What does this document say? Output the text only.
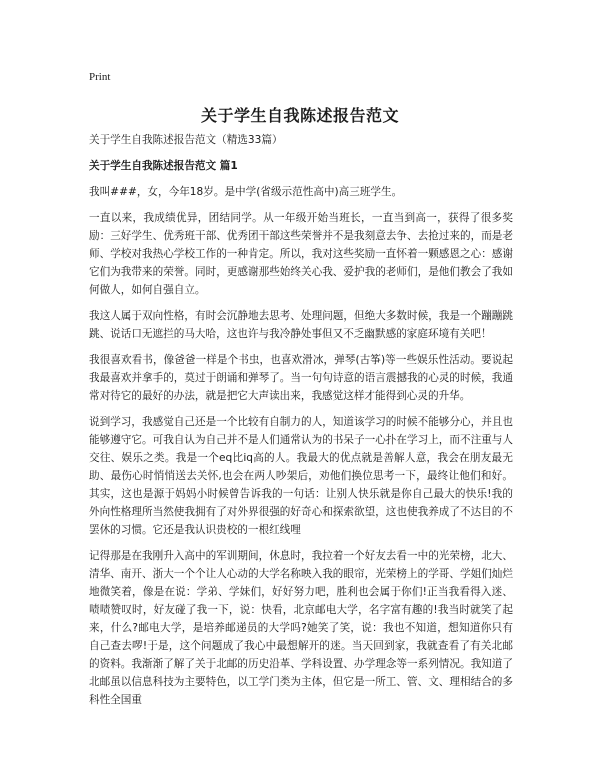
Print
关于学生自我陈述报告范文

关于学生自我陈述报告范文（精选33篇）

关于学生自我陈述报告范文 篇1

我叫###，女，今年18岁。是中学(省级示范性高中)高三班学生。

一直以来，我成绩优异，团结同学。从一年级开始当班长，一直当到高一，获得了很多奖励：三好学生、优秀班干部、优秀团干部这些荣誉并不是我刻意去争、去抢过来的，而是老师、学校对我热心学校工作的一种肯定。所以，我对这些奖励一直怀着一颗感恩之心：感谢它们为我带来的荣誉。同时，更感谢那些始终关心我、爱护我的老师们，是他们教会了我如何做人，如何自强自立。

我这人属于双向性格，有时会沉静地去思考、处理问题，但绝大多数时候，我是一个蹦蹦跳跳、说话口无遮拦的马大哈，这也许与我冷静处事但又不乏幽默感的家庭环境有关吧！

我很喜欢看书，像爸爸一样是个书虫，也喜欢滑冰，弹琴(古筝)等一些娱乐性活动。要说起我最喜欢并拿手的，莫过于朗诵和弹琴了。当一句句诗意的语言震撼我的心灵的时候，我通常对待它的最好的办法，就是把它大声读出来，我感觉这样才能得到心灵的升华。

说到学习，我感觉自己还是一个比较有自制力的人，知道该学习的时候不能够分心，并且也能够遵守它。可我自认为自己并不是人们通常认为的书呆子一心扑在学习上，而不注重与人交往、娱乐之类。我是一个eq比iq高的人。我最大的优点就是善解人意，我会在朋友最无助、最伤心时悄悄送去关怀,也会在两人吵架后，劝他们换位思考一下，最终让他们和好。其实，这也是源于妈妈小时候曾告诉我的一句话：让别人快乐就是你自己最大的快乐!我的外向性格理所当然使我拥有了对外界很强的好奇心和探索欲望，这也使我养成了不达目的不罢休的习惯。它还是我认识贵校的一根红线哩

记得那是在我刚升入高中的军训期间，休息时，我拉着一个好友去看一中的光荣榜，北大、清华、南开、浙大一个个让人心动的大学名称映入我的眼帘，光荣榜上的学哥、学姐们灿烂地微笑着，像是在说：学弟、学妹们，好好努力吧，胜利也会属于你们!正当我看得入迷、啧啧赞叹时，好友碰了我一下，说：快看，北京邮电大学，名字富有趣的!我当时就笑了起来，什么?邮电大学，是培养邮递员的大学吗?她笑了笑，说：我也不知道，想知道你只有自己查去啰!于是，这个问题成了我心中最想解开的迷。当天回到家，我就查看了有关北邮的资料。我渐渐了解了关于北邮的历史沿革、学科设置、办学理念等一系列情况。我知道了北邮虽以信息科技为主要特色，以工学门类为主体，但它是一所工、管、文、理相结合的多科性全国重
